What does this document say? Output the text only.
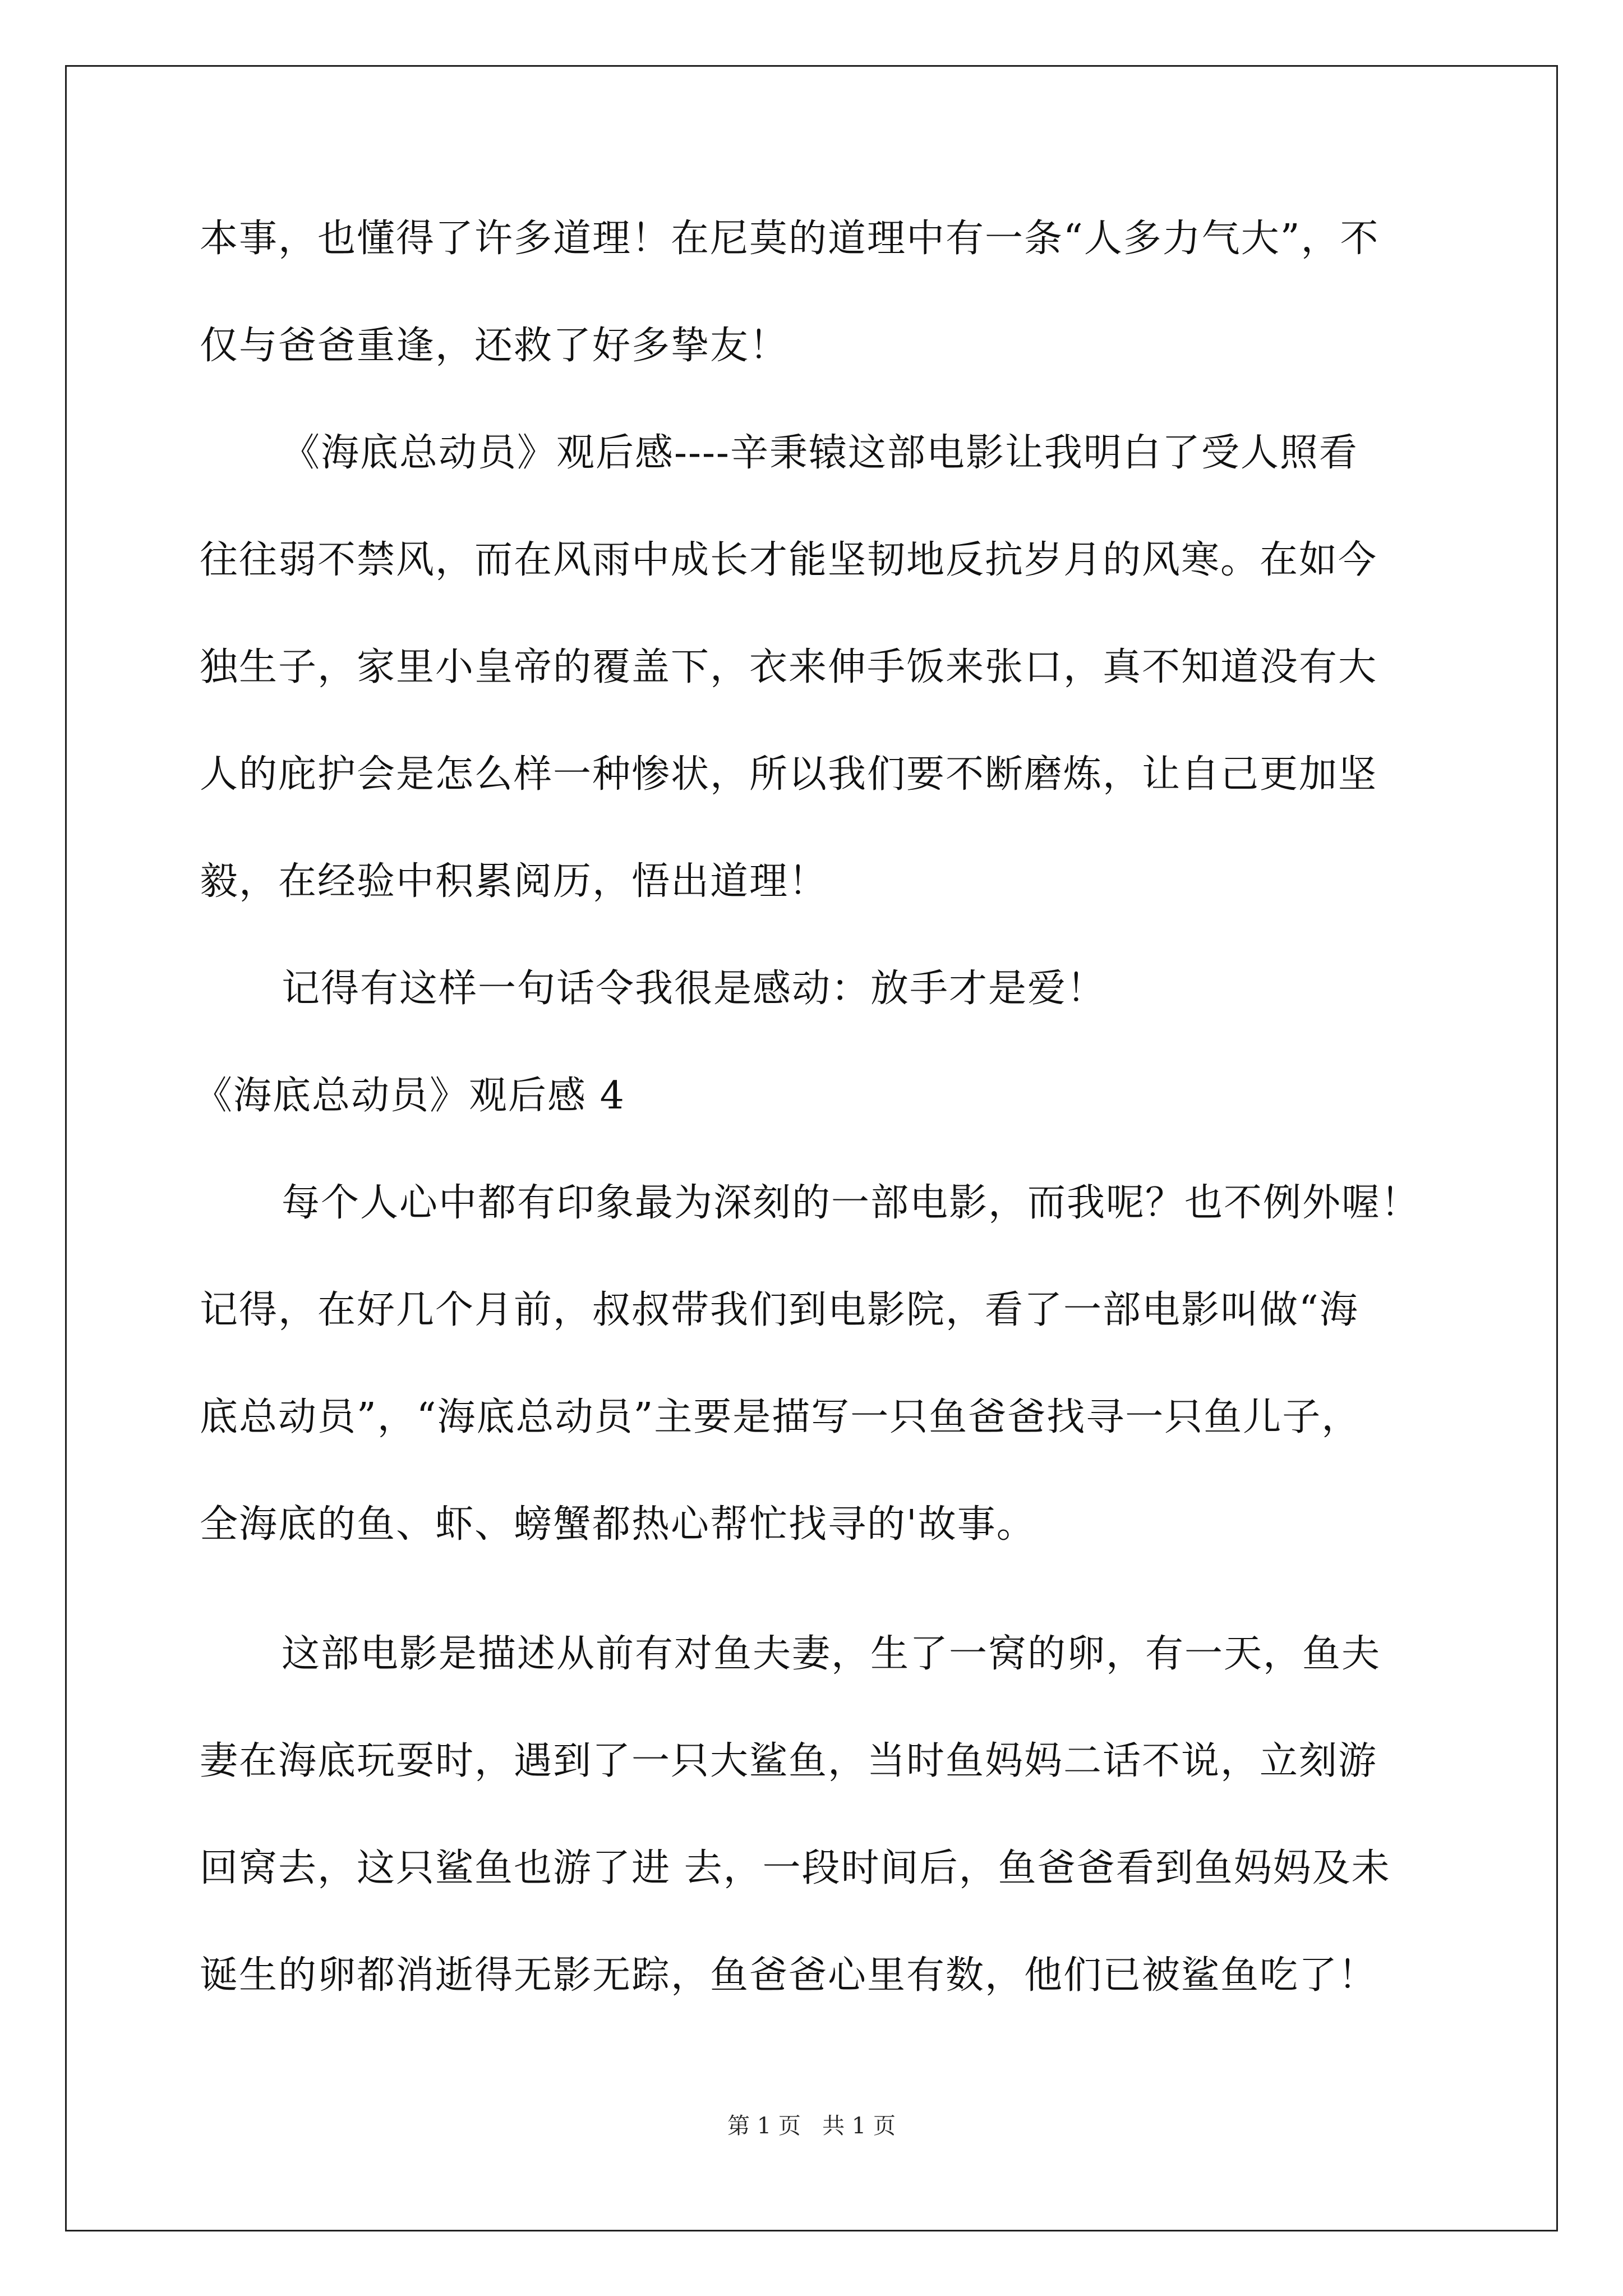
本事，也懂得了许多道理！在尼莫的道理中有一条“人多力气大”，不
仅与爸爸重逢，还救了好多挚友！
《海底总动员》观后感----辛秉辕这部电影让我明白了受人照看
往往弱不禁风，而在风雨中成长才能坚韧地反抗岁月的风寒。在如今
独生子，家里小皇帝的覆盖下，衣来伸手饭来张口，真不知道没有大
人的庇护会是怎么样一种惨状，所以我们要不断磨炼，让自己更加坚
毅，在经验中积累阅历，悟出道理！
记得有这样一句话令我很是感动：放手才是爱！
《海底总动员》观后感 4
每个人心中都有印象最为深刻的一部电影，而我呢？也不例外喔！
记得，在好几个月前，叔叔带我们到电影院，看了一部电影叫做“海
底总动员”，“海底总动员”主要是描写一只鱼爸爸找寻一只鱼儿子，
全海底的鱼、虾、螃蟹都热心帮忙找寻的'故事。
这部电影是描述从前有对鱼夫妻，生了一窝的卵，有一天，鱼夫
妻在海底玩耍时，遇到了一只大鲨鱼，当时鱼妈妈二话不说，立刻游
回窝去，这只鲨鱼也游了进 去，一段时间后，鱼爸爸看到鱼妈妈及未
诞生的卵都消逝得无影无踪，鱼爸爸心里有数，他们已被鲨鱼吃了！
第 1 页   共 1 页
